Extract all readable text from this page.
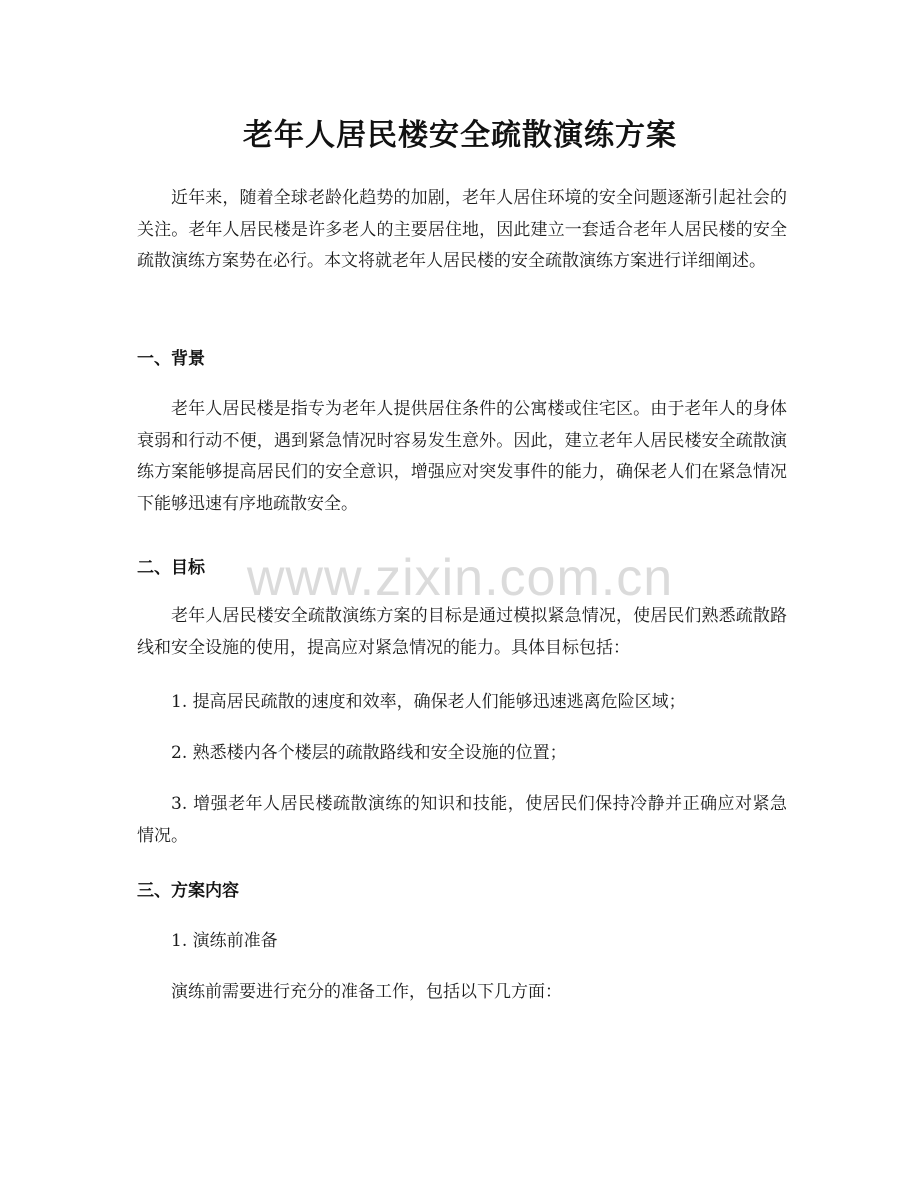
老年人居民楼安全疏散演练方案

近年来，随着全球老龄化趋势的加剧，老年人居住环境的安全问题逐渐引起社会的关注。老年人居民楼是许多老人的主要居住地，因此建立一套适合老年人居民楼的安全疏散演练方案势在必行。本文将就老年人居民楼的安全疏散演练方案进行详细阐述。

一、背景

老年人居民楼是指专为老年人提供居住条件的公寓楼或住宅区。由于老年人的身体衰弱和行动不便，遇到紧急情况时容易发生意外。因此，建立老年人居民楼安全疏散演练方案能够提高居民们的安全意识，增强应对突发事件的能力，确保老人们在紧急情况下能够迅速有序地疏散安全。

二、目标

老年人居民楼安全疏散演练方案的目标是通过模拟紧急情况，使居民们熟悉疏散路线和安全设施的使用，提高应对紧急情况的能力。具体目标包括：

1. 提高居民疏散的速度和效率，确保老人们能够迅速逃离危险区域；

2. 熟悉楼内各个楼层的疏散路线和安全设施的位置；

3. 增强老年人居民楼疏散演练的知识和技能，使居民们保持冷静并正确应对紧急情况。

三、方案内容

1. 演练前准备

演练前需要进行充分的准备工作，包括以下几方面：

www.zixin.com.cn
